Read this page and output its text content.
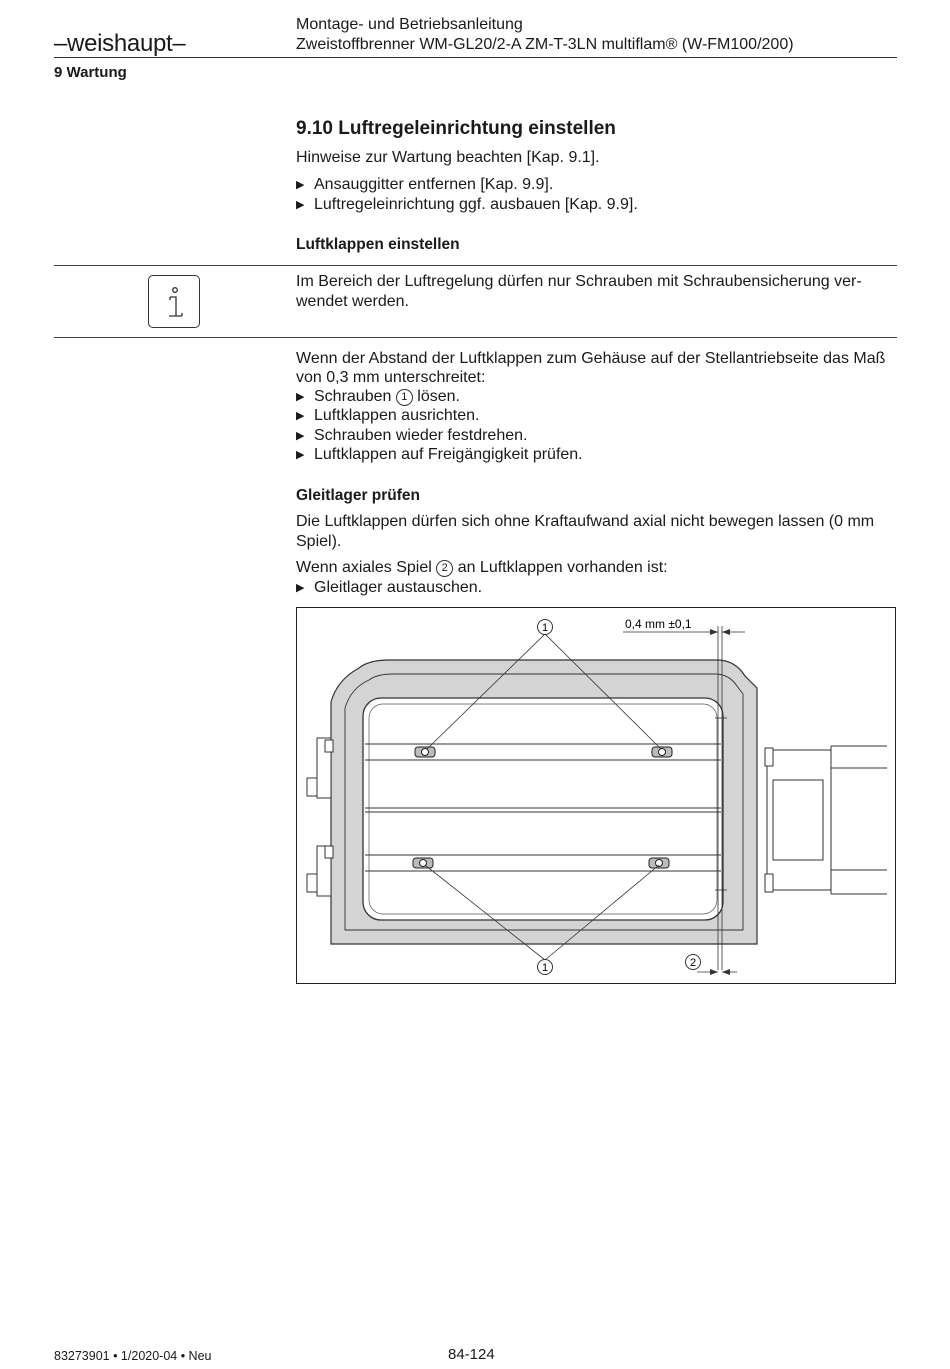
–weishaupt–
Montage- und Betriebsanleitung
Zweistoffbrenner WM-GL20/2-A ZM-T-3LN multiflam® (W-FM100/200)
9 Wartung
9.10 Luftregeleinrichtung einstellen
Hinweise zur Wartung beachten [Kap. 9.1].
▶ Ansauggitter entfernen [Kap. 9.9].
▶ Luftregeleinrichtung ggf. ausbauen [Kap. 9.9].
Luftklappen einstellen
Im Bereich der Luftregelung dürfen nur Schrauben mit Schraubensicherung ver-wendet werden.
Wenn der Abstand der Luftklappen zum Gehäuse auf der Stellantriebseite das Maß
von 0,3 mm unterschreitet:
▶ Schrauben 1 lösen.
▶ Luftklappen ausrichten.
▶ Schrauben wieder festdrehen.
▶ Luftklappen auf Freigängigkeit prüfen.
Gleitlager prüfen
Die Luftklappen dürfen sich ohne Kraftaufwand axial nicht bewegen lassen (0 mm
Spiel).
Wenn axiales Spiel 2 an Luftklappen vorhanden ist:
▶ Gleitlager austauschen.
1
1	2
0,4 mm ±0,1
83273901 • 1/2020-04 • Neu	84-124
